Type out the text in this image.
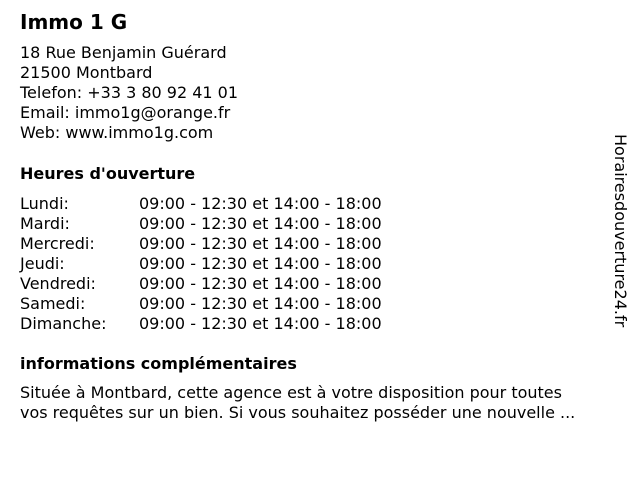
Immo 1 G
18 Rue Benjamin Guérard
21500 Montbard
Telefon: +33 3 80 92 41 01
Email: immo1g@orange.fr
Web: www.immo1g.com
Heures d'ouverture
Lundi:	09:00 - 12:30 et 14:00 - 18:00
Mardi:	09:00 - 12:30 et 14:00 - 18:00
Mercredi:	09:00 - 12:30 et 14:00 - 18:00
Jeudi:	09:00 - 12:30 et 14:00 - 18:00
Vendredi:	09:00 - 12:30 et 14:00 - 18:00
Samedi:	09:00 - 12:30 et 14:00 - 18:00
Dimanche: 09:00 - 12:30 et 14:00 - 18:00
informations complémentaires
Située à Montbard, cette agence est à votre disposition pour toutes
vos requêtes sur un bien. Si vous souhaitez posséder une nouvelle ...
Horairesdouverture24.fr
